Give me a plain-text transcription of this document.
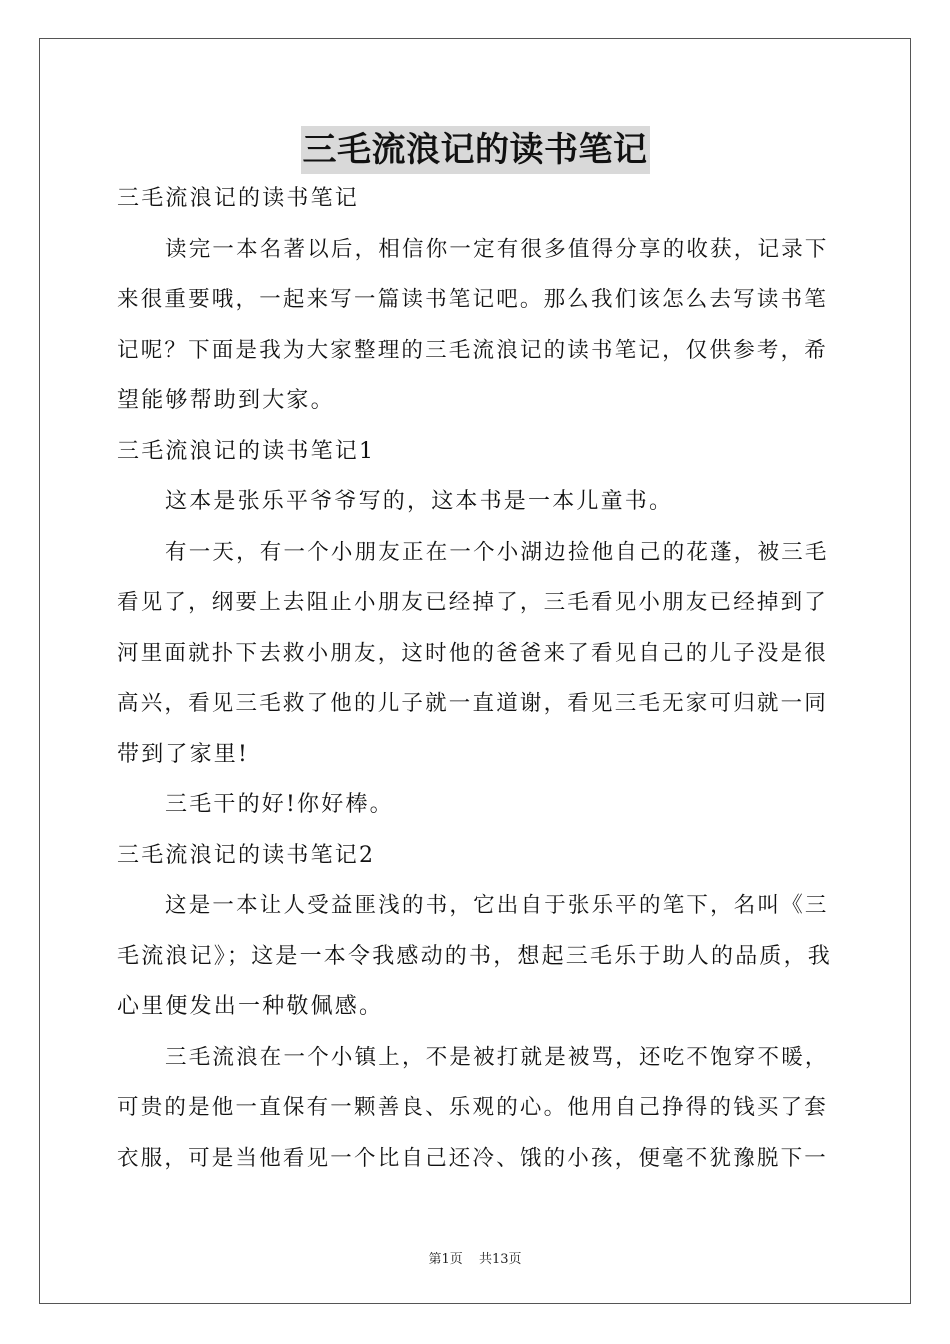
三毛流浪记的读书笔记
三毛流浪记的读书笔记
读完一本名著以后，相信你一定有很多值得分享的收获，记录下
来很重要哦，一起来写一篇读书笔记吧。那么我们该怎么去写读书笔
记呢？下面是我为大家整理的三毛流浪记的读书笔记，仅供参考，希
望能够帮助到大家。
三毛流浪记的读书笔记1
这本是张乐平爷爷写的，这本书是一本儿童书。
有一天，有一个小朋友正在一个小湖边捡他自己的花蓬，被三毛
看见了，纲要上去阻止小朋友已经掉了，三毛看见小朋友已经掉到了
河里面就扑下去救小朋友，这时他的爸爸来了看见自己的儿子没是很
高兴，看见三毛救了他的儿子就一直道谢，看见三毛无家可归就一同
带到了家里!
三毛干的好!你好棒。
三毛流浪记的读书笔记2
这是一本让人受益匪浅的书，它出自于张乐平的笔下，名叫《三
毛流浪记》；这是一本令我感动的书，想起三毛乐于助人的品质，我
心里便发出一种敬佩感。
三毛流浪在一个小镇上，不是被打就是被骂，还吃不饱穿不暖，
可贵的是他一直保有一颗善良、乐观的心。他用自己挣得的钱买了套
衣服，可是当他看见一个比自己还冷、饿的小孩，便毫不犹豫脱下一
第1页 共13页
